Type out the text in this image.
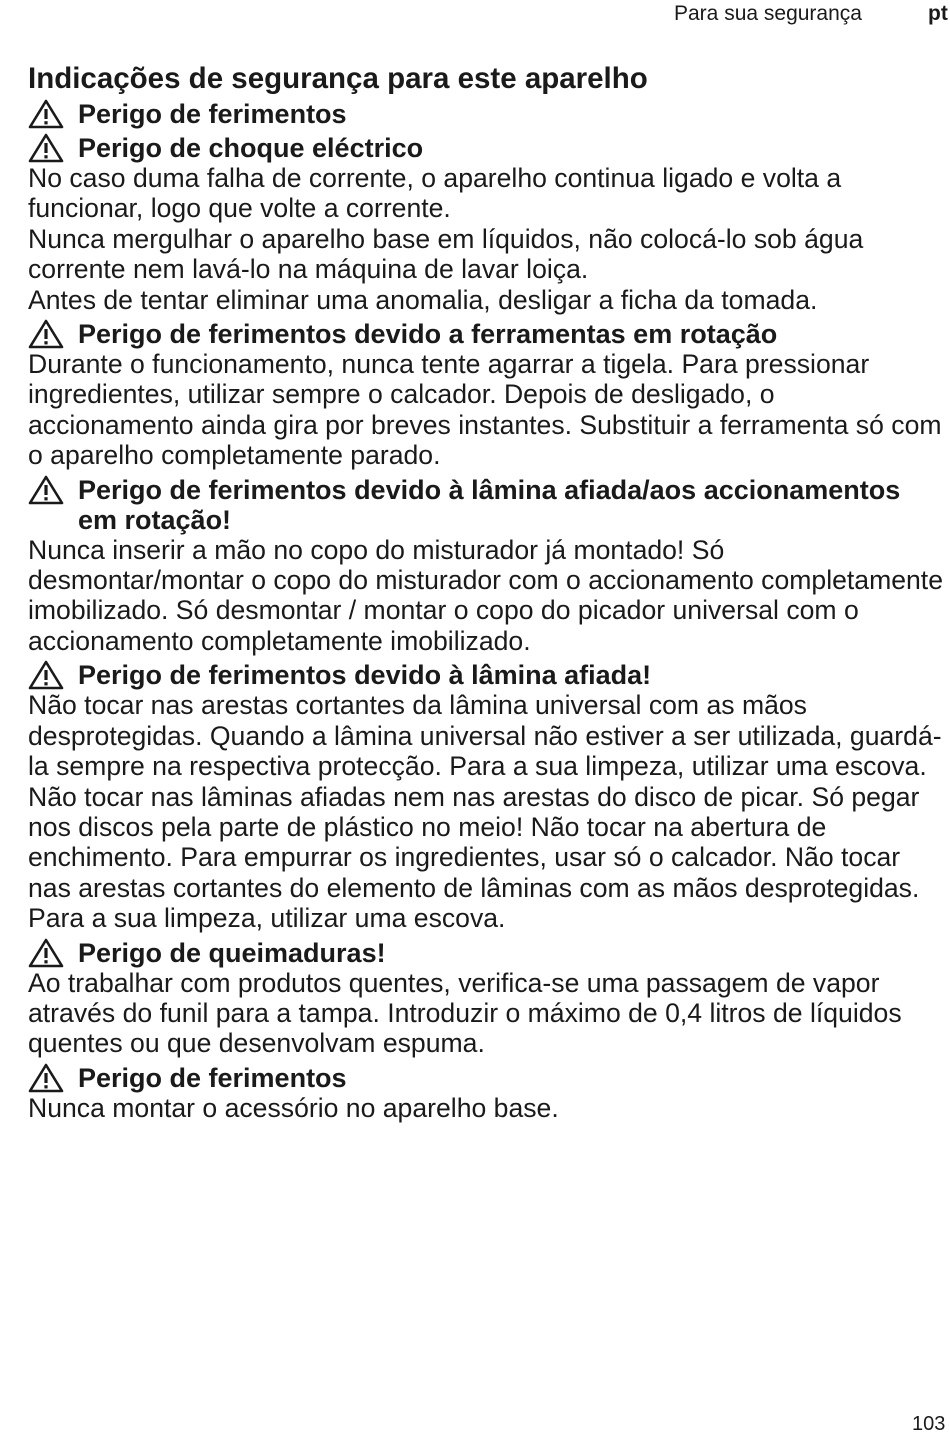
Para sua segurança	pt
Indicações de segurança para este aparelho
Perigo de ferimentos
Perigo de choque eléctrico

No caso duma falha de corrente, o aparelho continua ligado e volta a funcionar, logo que volte a corrente.

Nunca mergulhar o aparelho base em líquidos, não colocá-lo sob água corrente nem lavá-lo na máquina de lavar loiça.

Antes de tentar eliminar uma anomalia, desligar a ficha da tomada.

Perigo de ferimentos devido a ferramentas em rotação

Durante o funcionamento, nunca tente agarrar a tigela. Para pressionar ingredientes, utilizar sempre o calcador. Depois de desligado, o accionamento ainda gira por breves instantes. Substituir a ferramenta só com o aparelho completamente parado.

Perigo de ferimentos devido à lâmina afiada/aos accionamentos em rotação!

Nunca inserir a mão no copo do misturador já montado! Só desmontar/montar o copo do misturador com o accionamento completamente imobilizado. Só desmontar / montar o copo do picador universal com o accionamento completamente imobilizado.

Perigo de ferimentos devido à lâmina afiada!

Não tocar nas arestas cortantes da lâmina universal com as mãos desprotegidas. Quando a lâmina universal não estiver a ser utilizada, guardá-la sempre na respectiva protecção. Para a sua limpeza, utilizar uma escova. Não tocar nas lâminas afiadas nem nas arestas do disco de picar. Só pegar nos discos pela parte de plástico no meio! Não tocar na abertura de enchimento. Para empurrar os ingredientes, usar só o calcador. Não tocar nas arestas cortantes do elemento de lâminas com as mãos desprotegidas.

Para a sua limpeza, utilizar uma escova.

Perigo de queimaduras!

Ao trabalhar com produtos quentes, verifica-se uma passagem de vapor através do funil para a tampa. Introduzir o máximo de 0,4 litros de líquidos quentes ou que desenvolvam espuma.

Perigo de ferimentos

Nunca montar o acessório no aparelho base.

103
